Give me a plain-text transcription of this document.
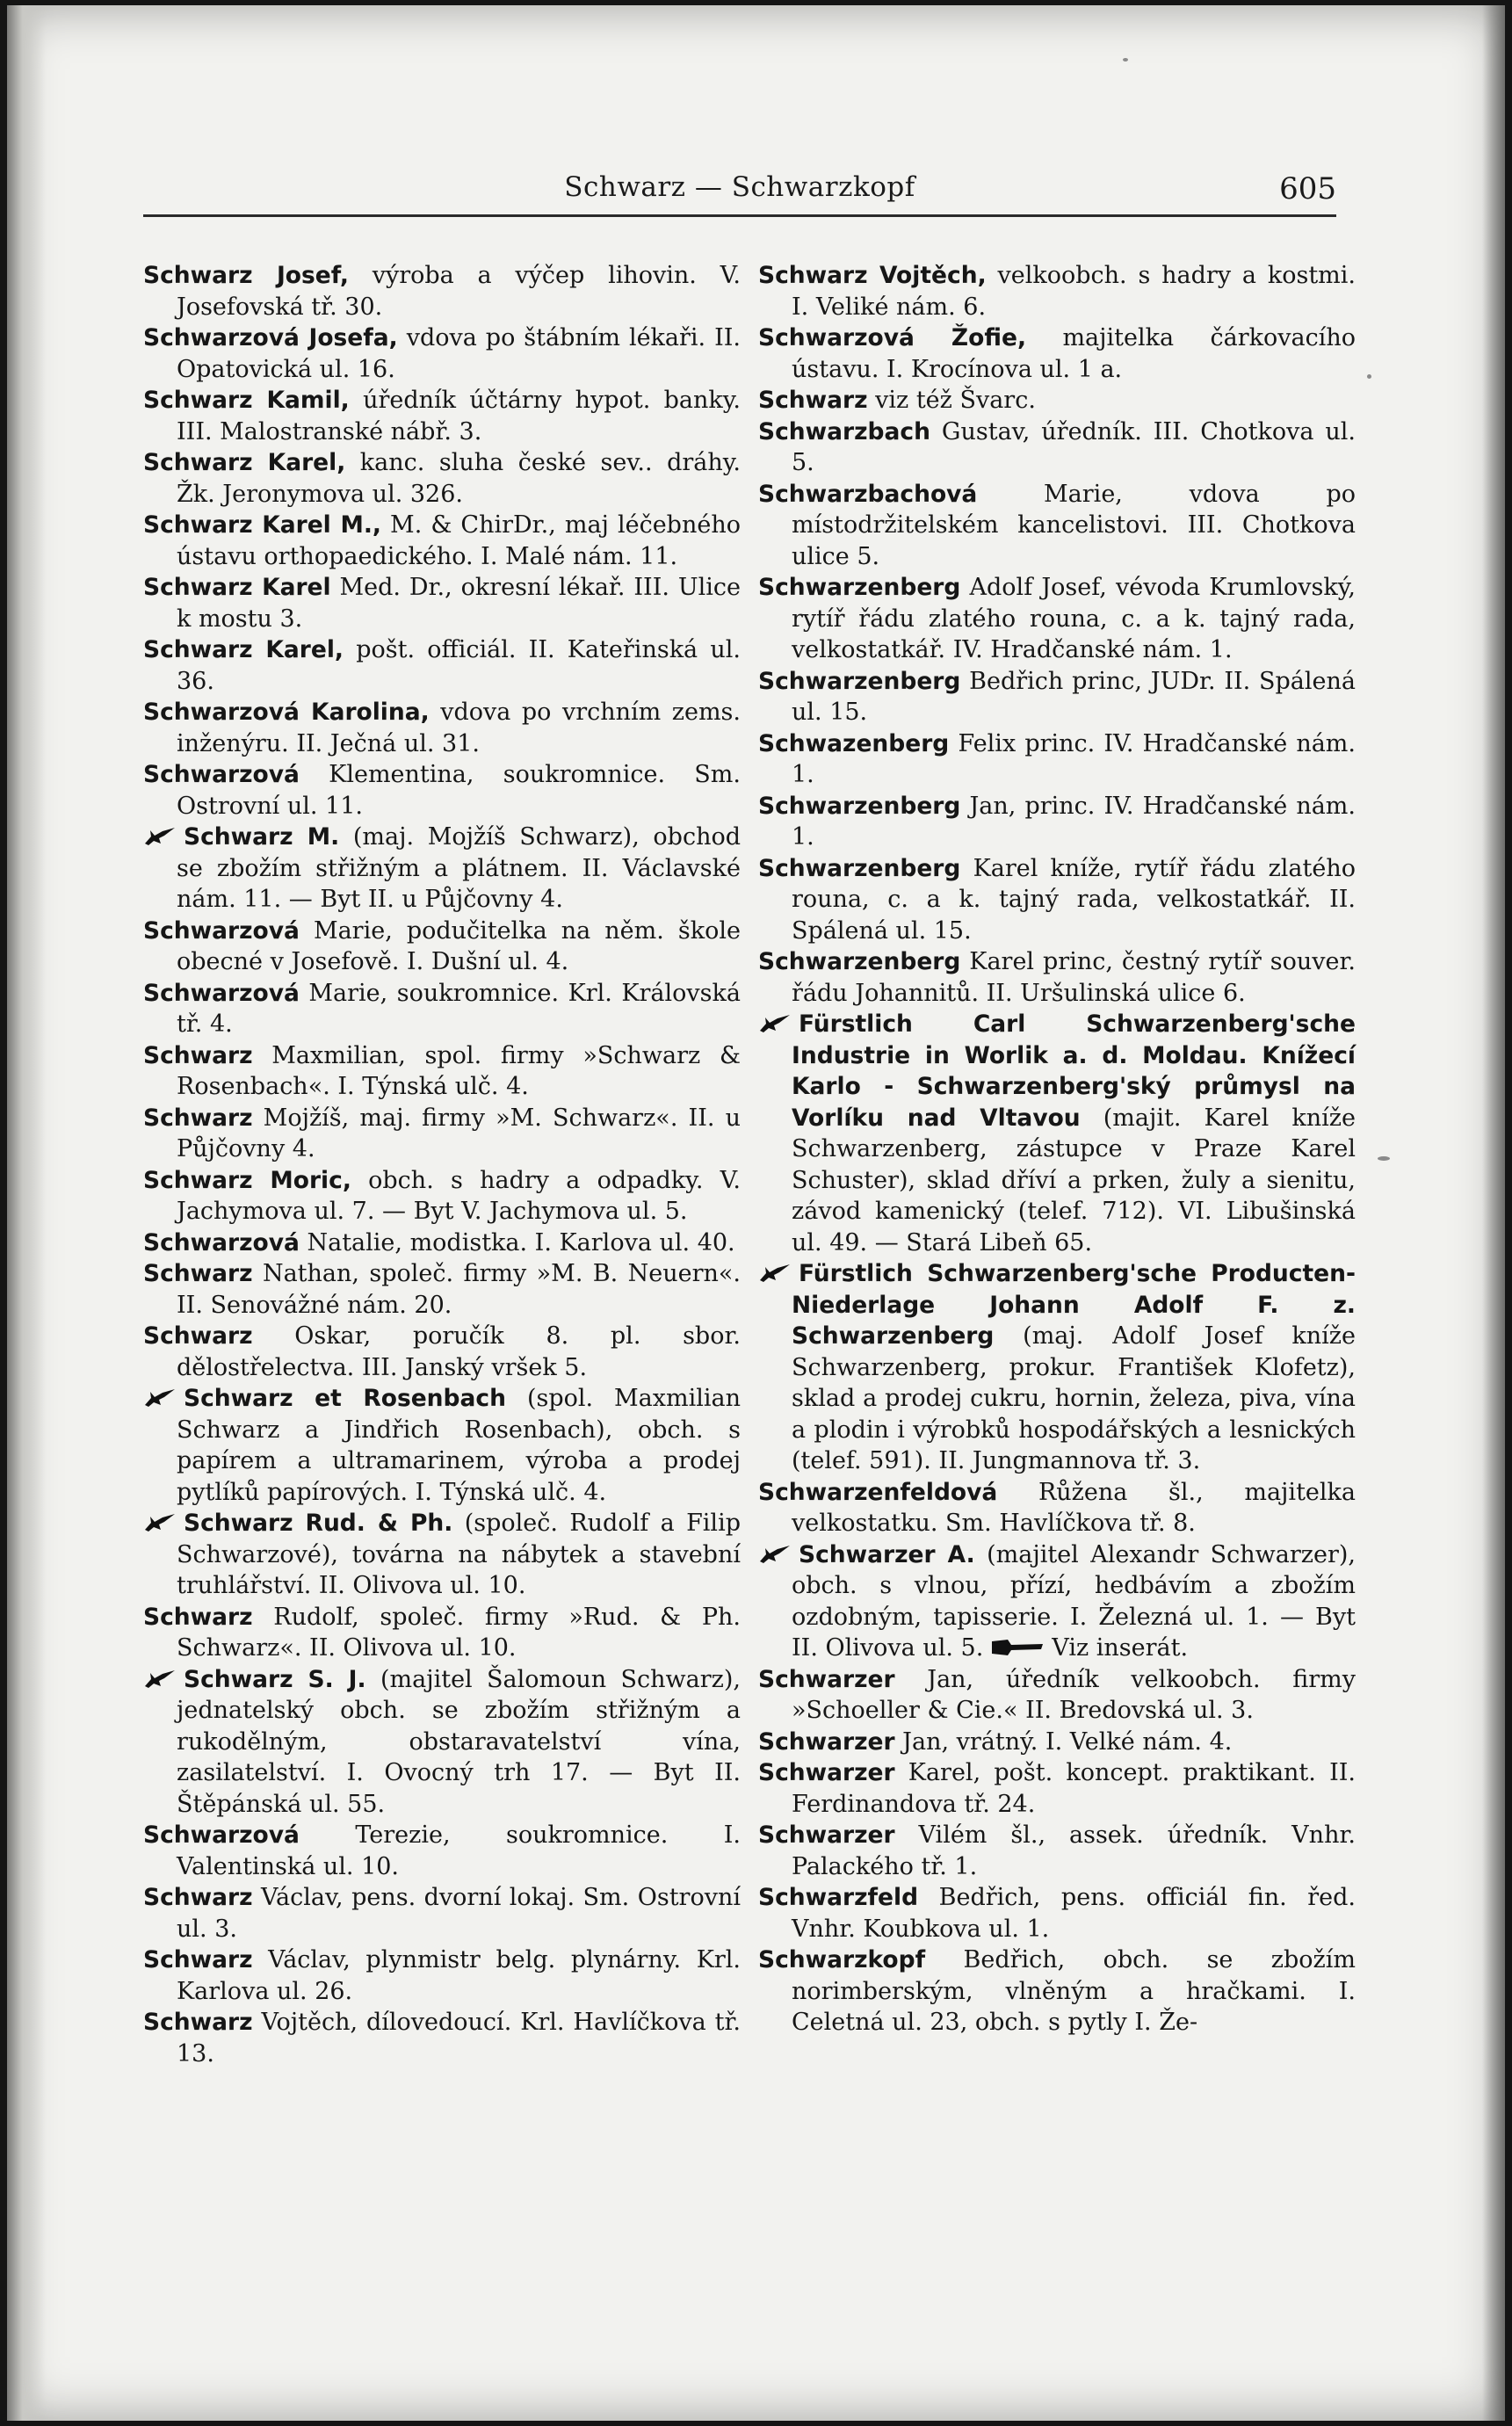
Schwarz — Schwarzkopf	605

Schwarz Josef, výroba a výčep lihovin. V. Josefovská tř. 30.

Schwarzová Josefa, vdova po štábním lékaři. II. Opatovická ul. 16.

Schwarz Kamil, úředník účtárny hypot. banky. III. Malostranské nábř. 3.

Schwarz Karel, kanc. sluha české sev.. dráhy. Žk. Jeronymova ul. 326.

Schwarz Karel M., M. & ChirDr., maj léčebného ústavu orthopaedického. I. Malé nám. 11.

Schwarz Karel Med. Dr., okresní lékař. III. Ulice k mostu 3.

Schwarz Karel, pošt. officiál. II. Kateřinská ul. 36.

Schwarzová Karolina, vdova po vrchním zems. inženýru. II. Ječná ul. 31.

Schwarzová Klementina, soukromnice. Sm. Ostrovní ul. 11.

Schwarz M. (maj. Mojžíš Schwarz), obchod se zbožím střižným a plátnem. II. Václavské nám. 11. — Byt II. u Půjčovny 4.

Schwarzová Marie, podučitelka na něm. škole obecné v Josefově. I. Dušní ul. 4.

Schwarzová Marie, soukromnice. Krl. Královská tř. 4.

Schwarz Maxmilian, spol. firmy »Schwarz & Rosenbach«. I. Týnská ulč. 4.

Schwarz Mojžíš, maj. firmy »M. Schwarz«. II. u Půjčovny 4.

Schwarz Moric, obch. s hadry a odpadky. V. Jachymova ul. 7. — Byt V. Jachymova ul. 5.

Schwarzová Natalie, modistka. I. Karlova ul. 40.

Schwarz Nathan, společ. firmy »M. B. Neuern«. II. Senovážné nám. 20.

Schwarz Oskar, poručík 8. pl. sbor. dělostřelectva. III. Janský vršek 5.

Schwarz et Rosenbach (spol. Maxmilian Schwarz a Jindřich Rosenbach), obch. s papírem a ultramarinem, výroba a prodej pytlíků papírových. I. Týnská ulč. 4.

Schwarz Rud. & Ph. (společ. Rudolf a Filip Schwarzové), továrna na nábytek a stavební truhlářství. II. Olivova ul. 10.

Schwarz Rudolf, společ. firmy »Rud. & Ph. Schwarz«. II. Olivova ul. 10.

Schwarz S. J. (majitel Šalomoun Schwarz), jednatelský obch. se zbožím střižným a rukodělným, obstaravatelství vína, zasilatelství. I. Ovocný trh 17. — Byt II. Štěpánská ul. 55.

Schwarzová Terezie, soukromnice. I. Valentinská ul. 10.

Schwarz Václav, pens. dvorní lokaj. Sm. Ostrovní ul. 3.

Schwarz Václav, plynmistr belg. plynárny. Krl. Karlova ul. 26.

Schwarz Vojtěch, dílovedoucí. Krl. Havlíčkova tř. 13.

Schwarz Vojtěch, velkoobch. s hadry a kostmi. I. Veliké nám. 6.

Schwarzová Žofie, majitelka čárkovacího ústavu. I. Krocínova ul. 1 a.

Schwarz viz též Švarc.

Schwarzbach Gustav, úředník. III. Chotkova ul. 5.

Schwarzbachová	Marie, vdova po místodržitelském kancelistovi. III. Chotkova ulice 5.

Schwarzenberg Adolf Josef, vévoda Krumlovský, rytíř řádu zlatého rouna, c. a k. tajný rada, velkostatkář. IV. Hradčanské nám. 1.

Schwarzenberg Bedřich princ, JUDr. II. Spálená ul. 15.

Schwazenberg Felix princ. IV. Hradčanské nám. 1.

Schwarzenberg Jan, princ. IV. Hradčanské nám. 1.

Schwarzenberg Karel kníže, rytíř řádu zlatého rouna, c. a k. tajný rada, velkostatkář. II. Spálená ul. 15.

Schwarzenberg Karel princ, čestný rytíř souver. řádu Johannitů. II. Uršulinská ulice 6.

Fürstlich Carl Schwarzenberg'sche Industrie in Worlik a. d. Moldau. Knížecí Karlo - Schwarzenberg'ský průmysl na Vorlíku nad Vltavou (majit. Karel kníže Schwarzenberg, zástupce v Praze Karel Schuster), sklad dříví a prken, žuly a sienitu, závod kamenický (telef. 712). VI. Libušinská ul. 49. — Stará Libeň 65.

Fürstlich Schwarzenberg'sche Producten-Niederlage Johann Adolf F. z. Schwarzenberg (maj. Adolf Josef kníže Schwarzenberg, prokur. František Klofetz), sklad a prodej cukru, hornin, železa, piva, vína a plodin i výrobků hospodářských a lesnických (telef. 591). II. Jungmannova tř. 3.

Schwarzenfeldová Růžena šl., majitelka velkostatku. Sm. Havlíčkova tř. 8.

Schwarzer A. (majitel Alexandr Schwarzer), obch. s vlnou, přízí, hedbávím a zbožím ozdobným, tapisserie. I. Železná ul. 1. — Byt II. Olivova ul. 5.	Viz inserát.

Schwarzer Jan, úředník velkoobch. firmy »Schoeller & Cie.« II. Bredovská ul. 3.

Schwarzer Jan, vrátný. I. Velké nám. 4.

Schwarzer Karel, pošt. koncept. praktikant. II. Ferdinandova tř. 24.

Schwarzer Vilém šl., assek. úředník. Vnhr. Palackého tř. 1.

Schwarzfeld Bedřich, pens. officiál fin. řed. Vnhr. Koubkova ul. 1.

Schwarzkopf Bedřich, obch. se zbožím norimberským, vlněným a hračkami. I. Celetná ul. 23, obch. s pytly I. Že-
